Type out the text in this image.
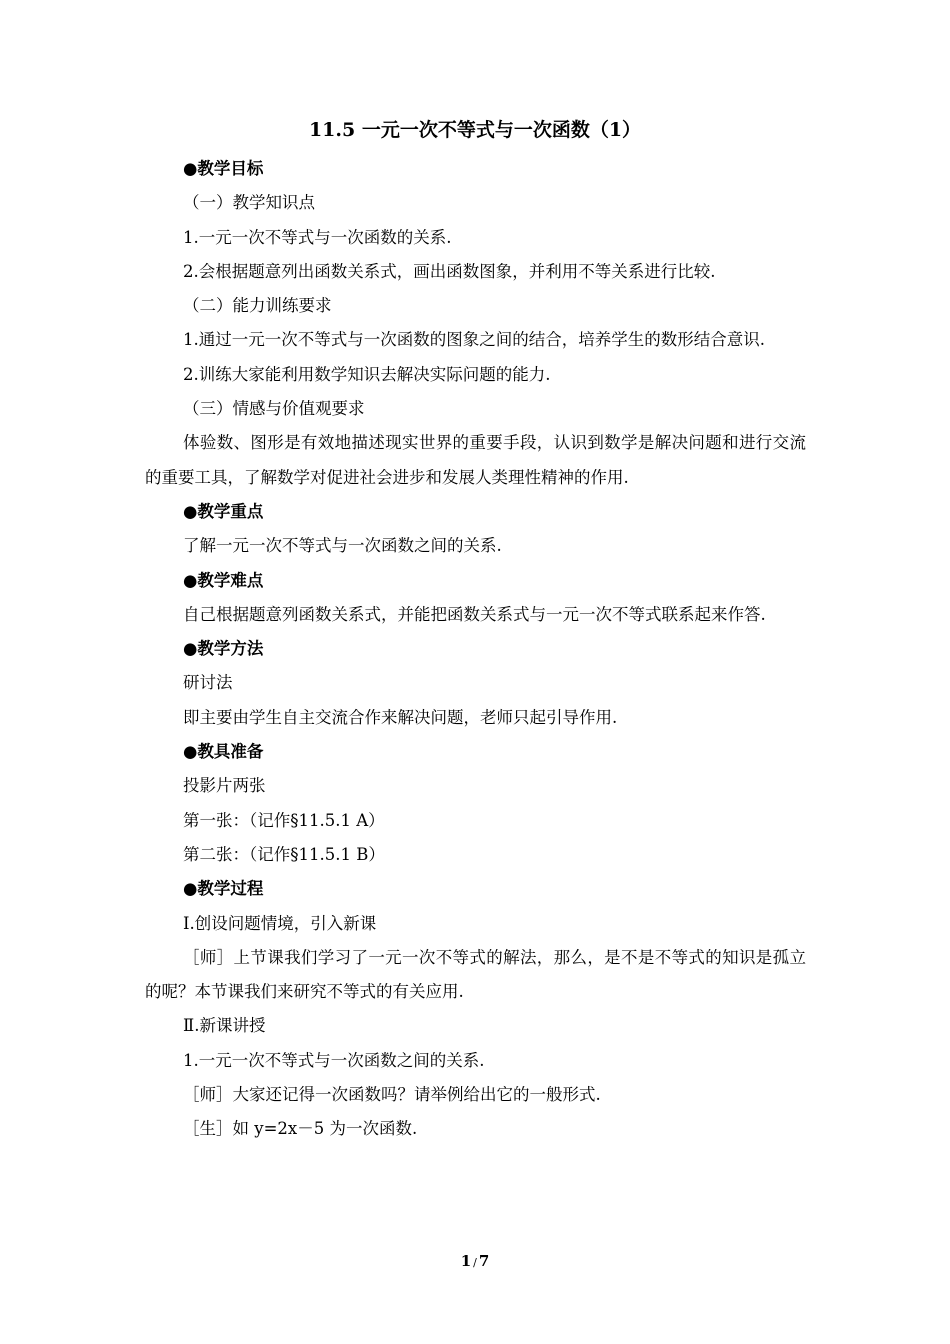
11.5 一元一次不等式与一次函数（1）

●教学目标

（一）教学知识点

1.一元一次不等式与一次函数的关系.

2.会根据题意列出函数关系式，画出函数图象，并利用不等关系进行比较.

（二）能力训练要求

1.通过一元一次不等式与一次函数的图象之间的结合，培养学生的数形结合意识.

2.训练大家能利用数学知识去解决实际问题的能力.

（三）情感与价值观要求

体验数、图形是有效地描述现实世界的重要手段，认识到数学是解决问题和进行交流的重要工具，了解数学对促进社会进步和发展人类理性精神的作用.

●教学重点

了解一元一次不等式与一次函数之间的关系.

●教学难点

自己根据题意列函数关系式，并能把函数关系式与一元一次不等式联系起来作答.

●教学方法

研讨法

即主要由学生自主交流合作来解决问题，老师只起引导作用.

●教具准备

投影片两张

第一张：（记作§11.5.1 A）

第二张：（记作§11.5.1 B）

●教学过程

Ⅰ.创设问题情境，引入新课

［师］上节课我们学习了一元一次不等式的解法，那么，是不是不等式的知识是孤立的呢？本节课我们来研究不等式的有关应用.

Ⅱ.新课讲授

1.一元一次不等式与一次函数之间的关系.

［师］大家还记得一次函数吗？请举例给出它的一般形式.

［生］如 y=2x－5 为一次函数.

1 / 7
